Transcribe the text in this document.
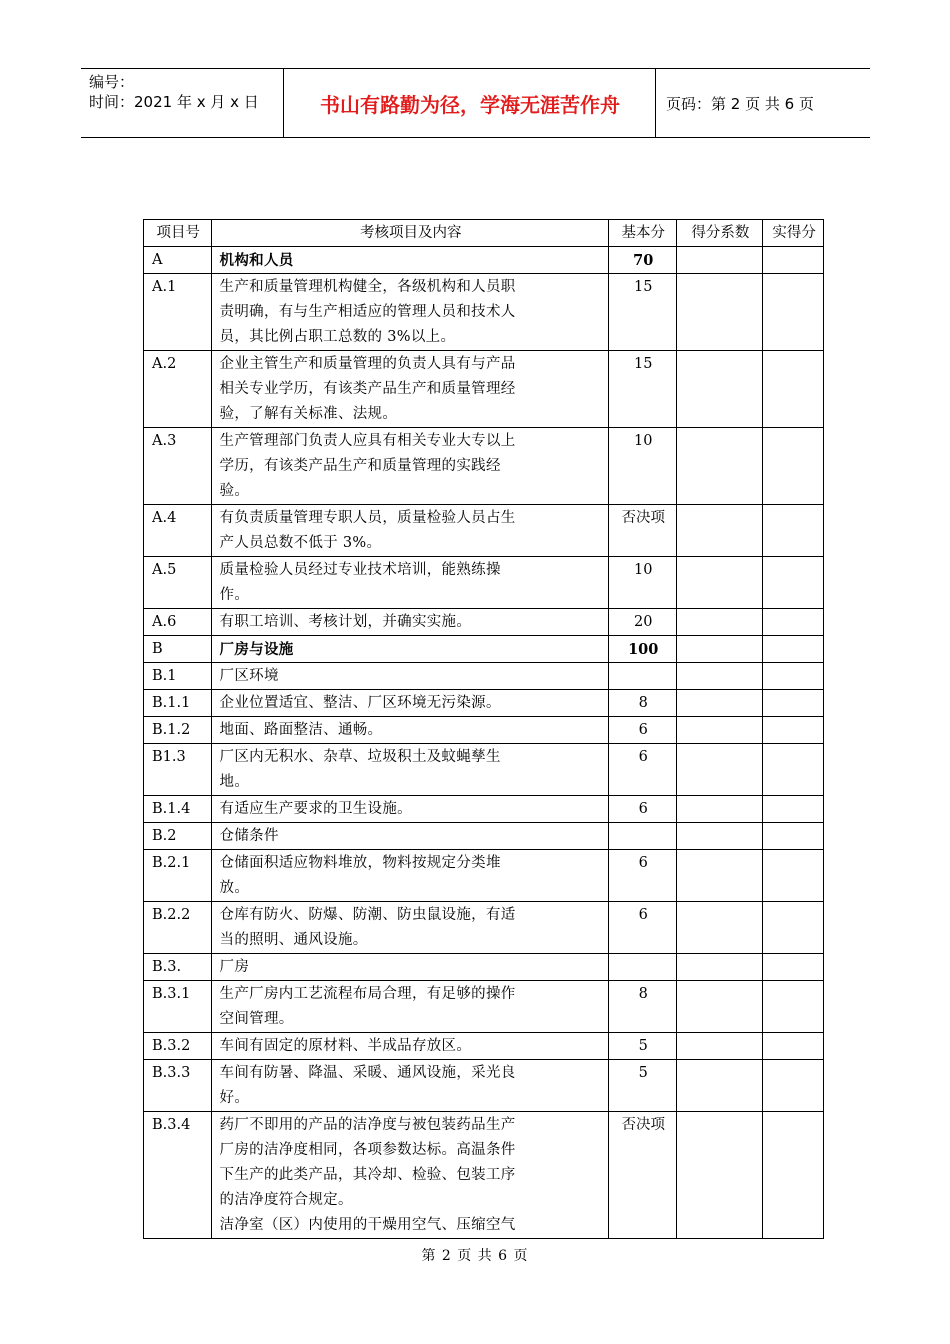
编号：
时间：2021 年 x 月 x 日	书山有路勤为径，学海无涯苦作舟	页码：第 2 页 共 6 页
项目号	考核项目及内容	基本分	得分系数	实得分
A	机构和人员	70		
A.1	生产和质量管理机构健全，各级机构和人员职
责明确，有与生产相适应的管理人员和技术人
员，其比例占职工总数的 3%以上。	15		
A.2	企业主管生产和质量管理的负责人具有与产品
相关专业学历，有该类产品生产和质量管理经
验，了解有关标准、法规。	15		
A.3	生产管理部门负责人应具有相关专业大专以上
学历，有该类产品生产和质量管理的实践经
验。	10		
A.4	有负责质量管理专职人员，质量检验人员占生
产人员总数不低于 3%。	否决项		
A.5	质量检验人员经过专业技术培训，能熟练操
作。	10		
A.6	有职工培训、考核计划，并确实实施。	20		
B	厂房与设施	100		
B.1	厂区环境			

B.1.1	企业位置适宜、整洁、厂区环境无污染源。	8		
B.1.2	地面、路面整洁、通畅。	6		
B1.3	厂区内无积水、杂草、垃圾积土及蚊蝇孳生
地。	6		
B.1.4	有适应生产要求的卫生设施。	6		
B.2	仓储条件			

B.2.1	仓储面积适应物料堆放，物料按规定分类堆
放。	6		
B.2.2	仓库有防火、防爆、防潮、防虫鼠设施，有适
当的照明、通风设施。	6		
B.3.	厂房			

B.3.1	生产厂房内工艺流程布局合理，有足够的操作
空间管理。	8		
B.3.2	车间有固定的原材料、半成品存放区。	5		
B.3.3	车间有防暑、降温、采暖、通风设施，采光良
好。	5		
B.3.4	药厂不即用的产品的洁净度与被包装药品生产
厂房的洁净度相同，各项参数达标。高温条件
下生产的此类产品，其冷却、检验、包装工序
的洁净度符合规定。
洁净室（区）内使用的干燥用空气、压缩空气	否决项		
第 2 页 共 6 页
